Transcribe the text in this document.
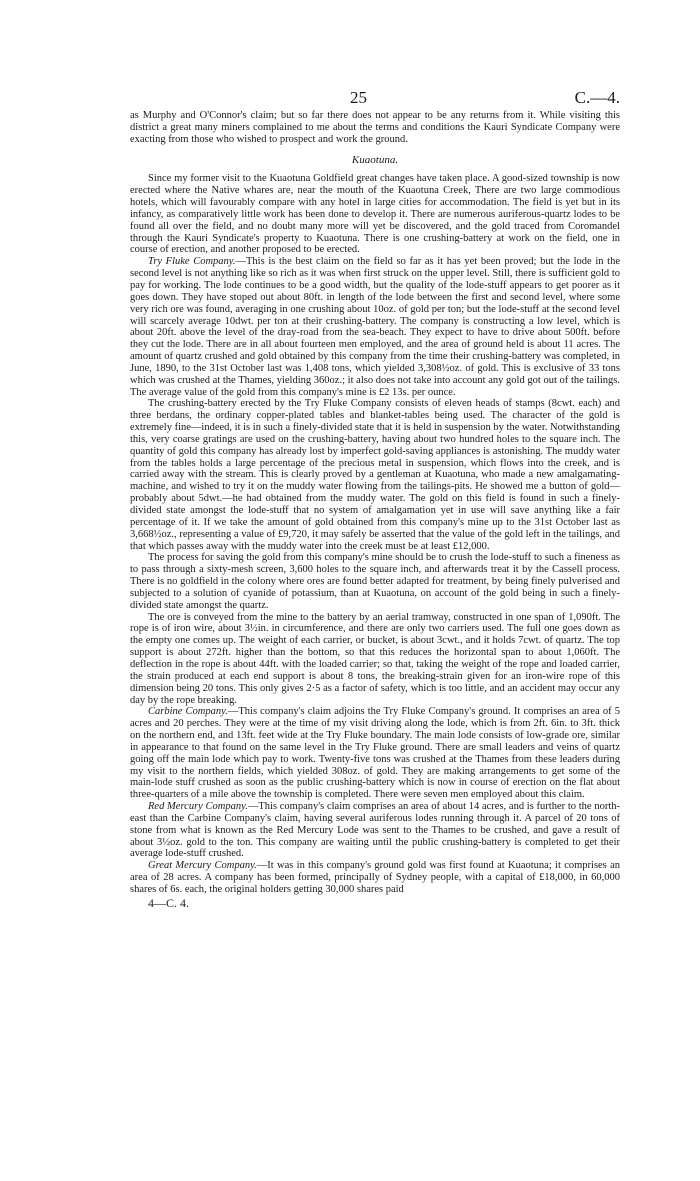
25	C.—4.

as Murphy and O'Connor's claim; but so far there does not appear to be any returns from it. While visiting this district a great many miners complained to me about the terms and conditions the Kauri Syndicate Company were exacting from those who wished to prospect and work the ground.

Kuaotuna.

Since my former visit to the Kuaotuna Goldfield great changes have taken place. A good-sized township is now erected where the Native whares are, near the mouth of the Kuaotuna Creek, There are two large commodious hotels, which will favourably compare with any hotel in large cities for accommodation. The field is yet but in its infancy, as comparatively little work has been done to develop it. There are numerous auriferous-quartz lodes to be found all over the field, and no doubt many more will yet be discovered, and the gold traced from Coromandel through the Kauri Syndicate's property to Kuaotuna. There is one crushing-battery at work on the field, one in course of erection, and another proposed to be erected.

Try Fluke Company.—This is the best claim on the field so far as it has yet been proved; but the lode in the second level is not anything like so rich as it was when first struck on the upper level. Still, there is sufficient gold to pay for working. The lode continues to be a good width, but the quality of the lode-stuff appears to get poorer as it goes down. They have stoped out about 80ft. in length of the lode between the first and second level, where some very rich ore was found, averaging in one crushing about 10oz. of gold per ton; but the lode-stuff at the second level will scarcely average 10dwt. per ton at their crushing-battery. The company is constructing a low level, which is about 20ft. above the level of the dray-road from the sea-beach. They expect to have to drive about 500ft. before they cut the lode. There are in all about fourteen men employed, and the area of ground held is about 11 acres. The amount of quartz crushed and gold obtained by this company from the time their crushing-battery was completed, in June, 1890, to the 31st October last was 1,408 tons, which yielded 3,308½oz. of gold. This is exclusive of 33 tons which was crushed at the Thames, yielding 360oz.; it also does not take into account any gold got out of the tailings. The average value of the gold from this company's mine is £2 13s. per ounce.

The crushing-battery erected by the Try Fluke Company consists of eleven heads of stamps (8cwt. each) and three berdans, the ordinary copper-plated tables and blanket-tables being used. The character of the gold is extremely fine—indeed, it is in such a finely-divided state that it is held in suspension by the water. Notwithstanding this, very coarse gratings are used on the crushing-battery, having about two hundred holes to the square inch. The quantity of gold this company has already lost by imperfect gold-saving appliances is astonishing. The muddy water from the tables holds a large percentage of the precious metal in suspension, which flows into the creek, and is carried away with the stream. This is clearly proved by a gentleman at Kuaotuna, who made a new amalgamating-machine, and wished to try it on the muddy water flowing from the tailings-pits. He showed me a button of gold—probably about 5dwt.—he had obtained from the muddy water. The gold on this field is found in such a finely-divided state amongst the lode-stuff that no system of amalgamation yet in use will save anything like a fair percentage of it. If we take the amount of gold obtained from this company's mine up to the 31st October last as 3,668½oz., representing a value of £9,720, it may safely be asserted that the value of the gold left in the tailings, and that which passes away with the muddy water into the creek must be at least £12,000.

The process for saving the gold from this company's mine should be to crush the lode-stuff to such a fineness as to pass through a sixty-mesh screen, 3,600 holes to the square inch, and afterwards treat it by the Cassell process. There is no goldfield in the colony where ores are found better adapted for treatment, by being finely pulverised and subjected to a solution of cyanide of potassium, than at Kuaotuna, on account of the gold being in such a finely-divided state amongst the quartz.

The ore is conveyed from the mine to the battery by an aerial tramway, constructed in one span of 1,090ft. The rope is of iron wire, about 3½in. in circumference, and there are only two carriers used. The full one goes down as the empty one comes up. The weight of each carrier, or bucket, is about 3cwt., and it holds 7cwt. of quartz. The top support is about 272ft. higher than the bottom, so that this reduces the horizontal span to about 1,060ft. The deflection in the rope is about 44ft. with the loaded carrier; so that, taking the weight of the rope and loaded carrier, the strain produced at each end support is about 8 tons, the breaking-strain given for an iron-wire rope of this dimension being 20 tons. This only gives 2·5 as a factor of safety, which is too little, and an accident may occur any day by the rope breaking.

Carbine Company.—This company's claim adjoins the Try Fluke Company's ground. It comprises an area of 5 acres and 20 perches. They were at the time of my visit driving along the lode, which is from 2ft. 6in. to 3ft. thick on the northern end, and 13ft. feet wide at the Try Fluke boundary. The main lode consists of low-grade ore, similar in appearance to that found on the same level in the Try Fluke ground. There are small leaders and veins of quartz going off the main lode which pay to work. Twenty-five tons was crushed at the Thames from these leaders during my visit to the northern fields, which yielded 308oz. of gold. They are making arrangements to get some of the main-lode stuff crushed as soon as the public crushing-battery which is now in course of erection on the flat about three-quarters of a mile above the township is completed. There were seven men employed about this claim.

Red Mercury Company.—This company's claim comprises an area of about 14 acres, and is further to the north-east than the Carbine Company's claim, having several auriferous lodes running through it. A parcel of 20 tons of stone from what is known as the Red Mercury Lode was sent to the Thames to be crushed, and gave a result of about 3½oz. gold to the ton. This company are waiting until the public crushing-battery is completed to get their average lode-stuff crushed.

Great Mercury Company.—It was in this company's ground gold was first found at Kuaotuna; it comprises an area of 28 acres. A company has been formed, principally of Sydney people, with a capital of £18,000, in 60,000 shares of 6s. each, the original holders getting 30,000 shares paid

4—C. 4.
